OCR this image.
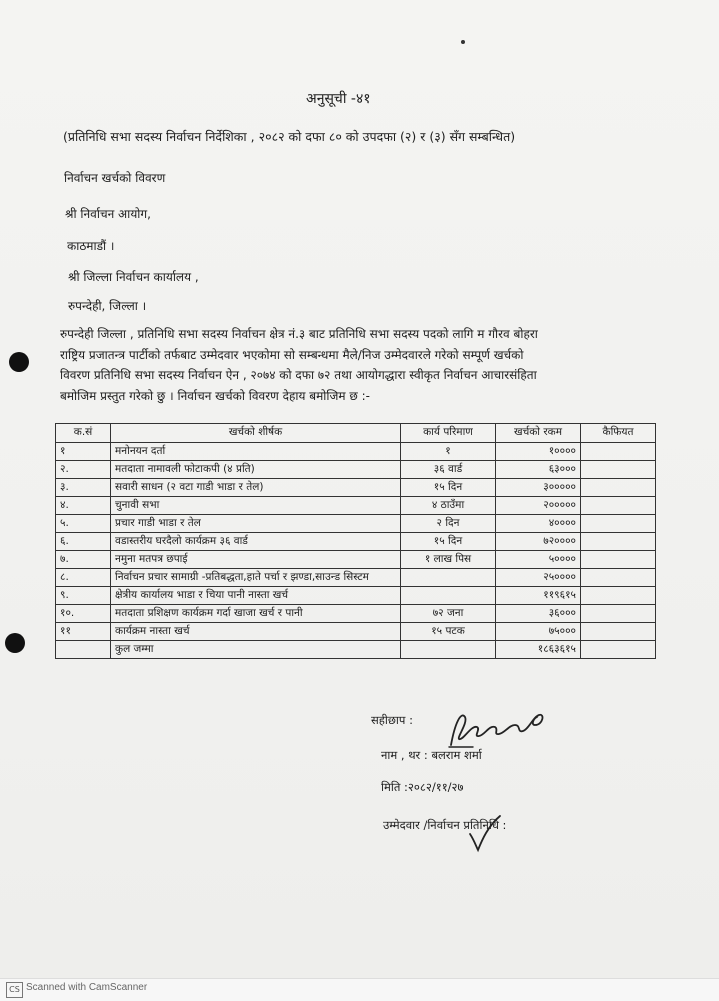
अनुसूची -४१
(प्रतिनिधि सभा सदस्य निर्वाचन निर्देशिका , २०८२ को दफा ८० को उपदफा (२) र (३) सँग सम्बन्धित)
निर्वाचन खर्चको विवरण
श्री निर्वाचन आयोग,
काठमाडौं ।
श्री जिल्ला निर्वाचन कार्यालय ,
रुपन्देही, जिल्ला ।
रुपन्देही जिल्ला , प्रतिनिधि सभा सदस्य निर्वाचन क्षेत्र नं.३ बाट प्रतिनिधि सभा सदस्य पदको लागि म गौरव बोहरा
राष्ट्रिय प्रजातन्त्र पार्टीको तर्फबाट उम्मेदवार भएकोमा सो सम्बन्धमा मैले/निज उम्मेदवारले गरेको सम्पूर्ण खर्चको
विवरण प्रतिनिधि सभा सदस्य निर्वाचन ऐन , २०७४ को दफा ७२ तथा आयोगद्धारा स्वीकृत निर्वाचन आचारसंहिता
बमोजिम प्रस्तुत गरेको छु । निर्वाचन खर्चको विवरण देहाय बमोजिम छ :-
क.सं	खर्चको शीर्षक	कार्य परिमाण	खर्चको रकम	कैफियत
१	मनोनयन दर्ता	१	१००००	
२.	मतदाता नामावली फोटाकपी (४ प्रति)	३६ वार्ड	६३०००	
३.	सवारी साधन (२ वटा गाडी भाडा र तेल)	१५ दिन	३०००००	
४.	चुनावी सभा	४ ठाउँमा	२०००००	
५.	प्रचार गाडी भाडा र तेल	२ दिन	४००००	
६.	वडास्तरीय घरदैलो कार्यक्रम ३६ वार्ड	१५ दिन	७२००००	
७.	नमुना मतपत्र छपाई	१ लाख पिस	५००००	
८.	निर्वाचन प्रचार सामाग्री -प्रतिबद्धता,हाते पर्चा र झण्डा,साउन्ड सिस्टम		२५००००	
९.	क्षेत्रीय कार्यालय भाडा र चिया पानी नास्ता खर्च		११९६१५	
१०.	मतदाता प्रशिक्षण कार्यक्रम गर्दा खाजा खर्च र पानी	७२ जना	३६०००	
११	कार्यक्रम नास्ता खर्च	१५ पटक	७५०००	
	कुल जम्मा		१८६३६१५	
सहीछाप :
नाम , थर : बलराम शर्मा
मिति :२०८२/११/२७
उम्मेदवार /निर्वाचन प्रतिनिधि :
CS Scanned with CamScanner
